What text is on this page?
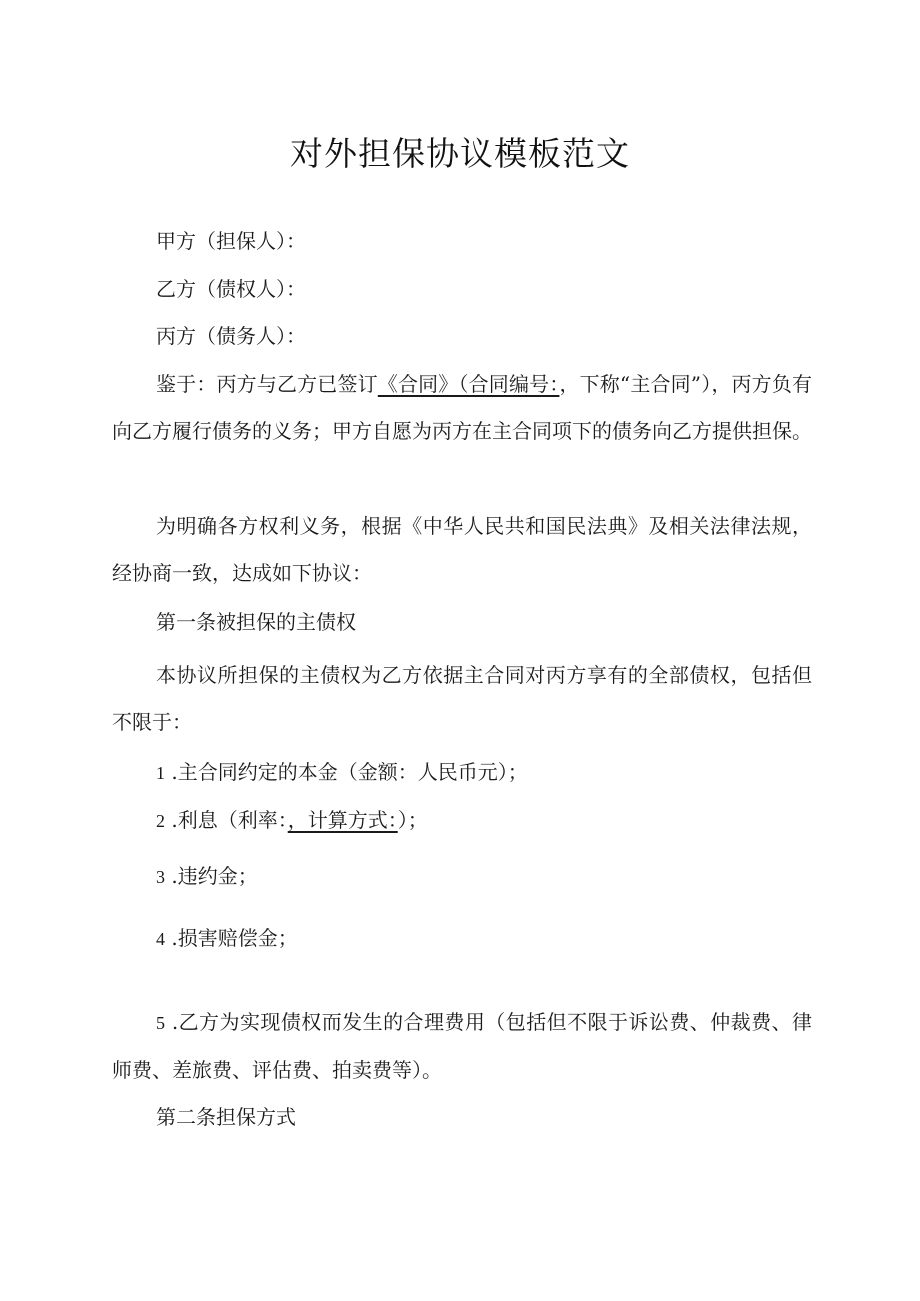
对外担保协议模板范文

甲方（担保人）：

乙方（债权人）：

丙方（债务人）：

鉴于：丙方与乙方已签订《合同》（合同编号：，下称“主合同”），丙方负有向乙方履行债务的义务；甲方自愿为丙方在主合同项下的债务向乙方提供担保。

为明确各方权利义务，根据《中华人民共和国民法典》及相关法律法规，经协商一致，达成如下协议：

第一条被担保的主债权

本协议所担保的主债权为乙方依据主合同对丙方享有的全部债权，包括但不限于：

1 .主合同约定的本金（金额：人民币元）；

2 .利息（利率：，计算方式：）；

3 .违约金；

4 .损害赔偿金；

5 .乙方为实现债权而发生的合理费用（包括但不限于诉讼费、仲裁费、律师费、差旅费、评估费、拍卖费等）。

第二条担保方式
